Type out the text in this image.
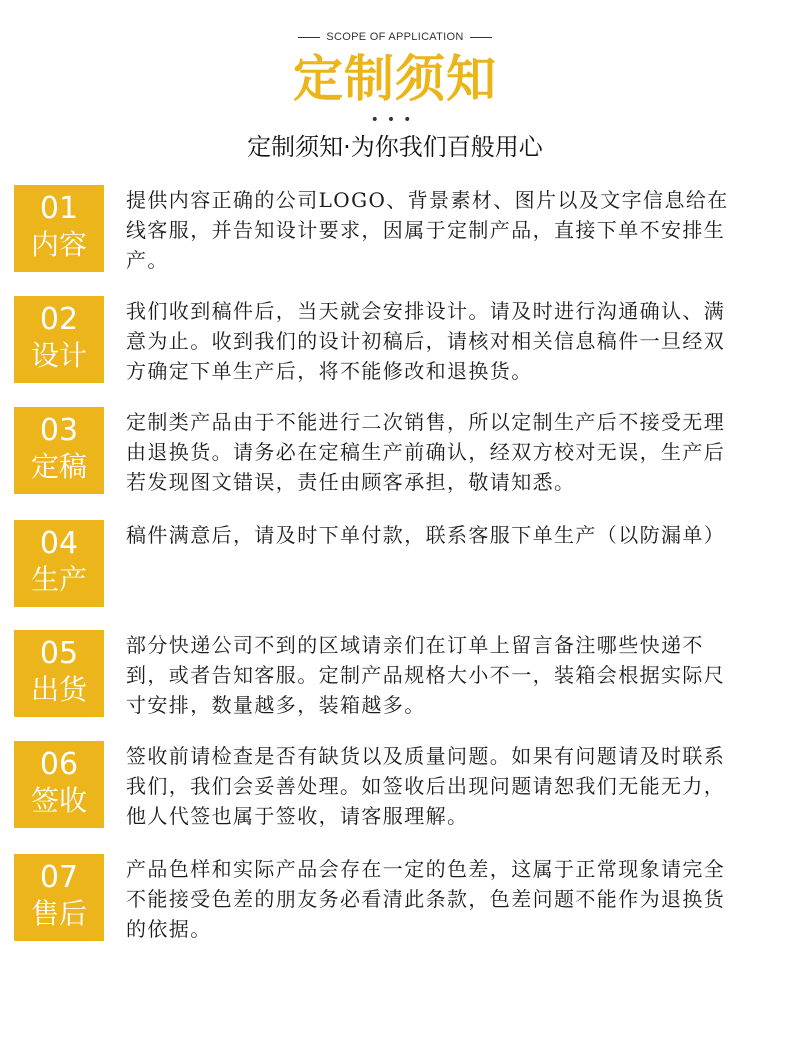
SCOPE OF APPLICATION
定制须知
•••
定制须知·为你我们百般用心
01
内容
提供内容正确的公司LOGO、背景素材、图片以及文字信息给在线客服，并告知设计要求，因属于定制产品，直接下单不安排生产。
02
设计
我们收到稿件后，当天就会安排设计。请及时进行沟通确认、满意为止。收到我们的设计初稿后，请核对相关信息稿件一旦经双方确定下单生产后，将不能修改和退换货。
03
定稿
定制类产品由于不能进行二次销售，所以定制生产后不接受无理由退换货。请务必在定稿生产前确认，经双方校对无误，生产后若发现图文错误，责任由顾客承担，敬请知悉。
04
生产
稿件满意后，请及时下单付款，联系客服下单生产（以防漏单）
05
出货
部分快递公司不到的区域请亲们在订单上留言备注哪些快递不到，或者告知客服。定制产品规格大小不一，装箱会根据实际尺寸安排，数量越多，装箱越多。
06
签收
签收前请检查是否有缺货以及质量问题。如果有问题请及时联系我们，我们会妥善处理。如签收后出现问题请恕我们无能无力，他人代签也属于签收，请客服理解。
07
售后
产品色样和实际产品会存在一定的色差，这属于正常现象请完全不能接受色差的朋友务必看清此条款，色差问题不能作为退换货的依据。
